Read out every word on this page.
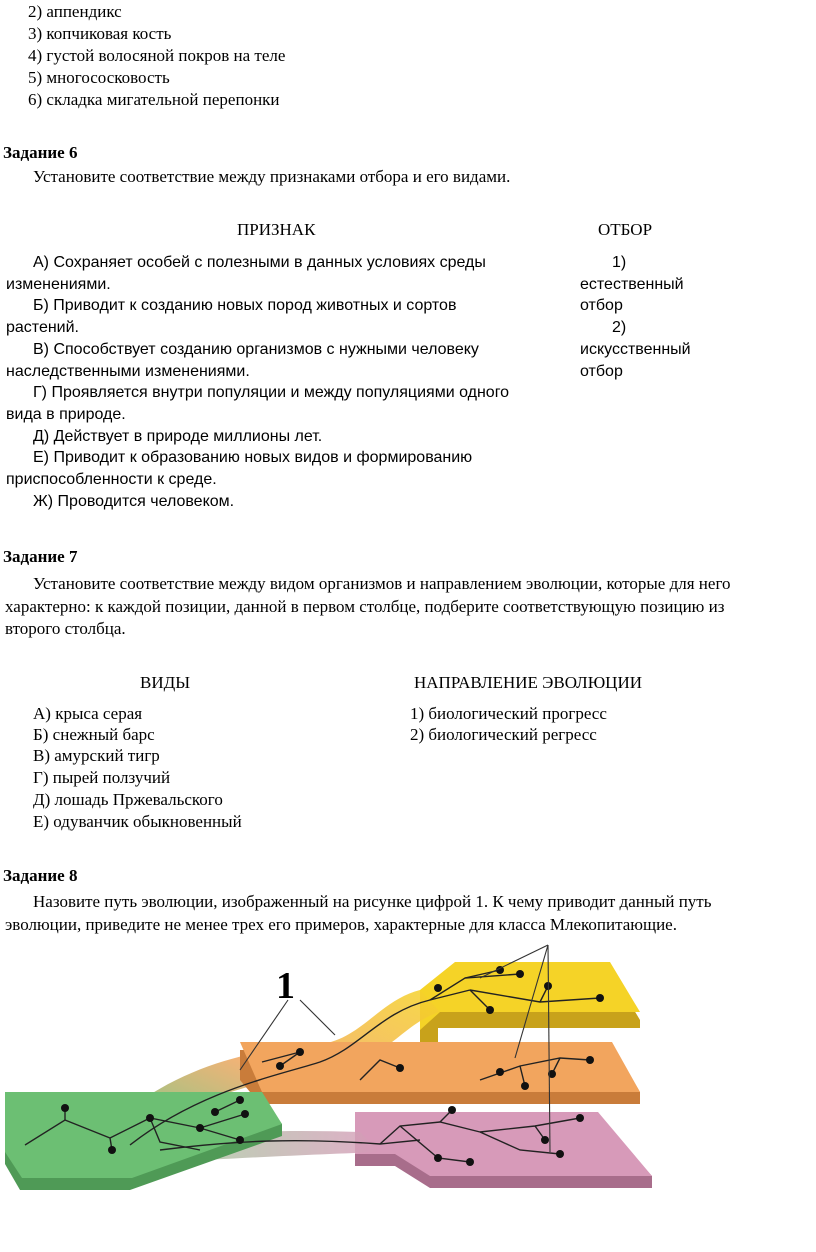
2) аппендикс
3) копчиковая кость
4) густой волосяной покров на теле
5) многососковость
6) складка мигательной перепонки
Задание 6
Установите соответствие между признаками отбора и его видами.
ПРИЗНАК	ОТБОР
А) Сохраняет особей с полезными в данных условиях среды
изменениями.
Б) Приводит к созданию новых пород животных и сортов
растений.
В) Способствует созданию организмов с нужными человеку
наследственными изменениями.
Г) Проявляется внутри популяции и между популяциями одного
вида в природе.
Д) Действует в природе миллионы лет.
Е) Приводит к образованию новых видов и формированию
приспособленности к среде.
Ж) Проводится человеком.
1)
естественный
отбор
2)
искусственный
отбор
Задание 7
Установите соответствие между видом организмов и направлением эволюции, которые для него
характерно: к каждой позиции, данной в первом столбце, подберите соответствующую позицию из
второго столбца.
ВИДЫ	НАПРАВЛЕНИЕ ЭВОЛЮЦИИ
А) крыса серая
Б) снежный барс
В) амурский тигр
Г) пырей ползучий
Д) лошадь Пржевальского
Е) одуванчик обыкновенный
1) биологический прогресс
2) биологический регресс
Задание 8
Назовите путь эволюции, изображенный на рисунке цифрой 1. К чему приводит данный путь
эволюции, приведите не менее трех его примеров, характерные для класса Млекопитающие.
1
